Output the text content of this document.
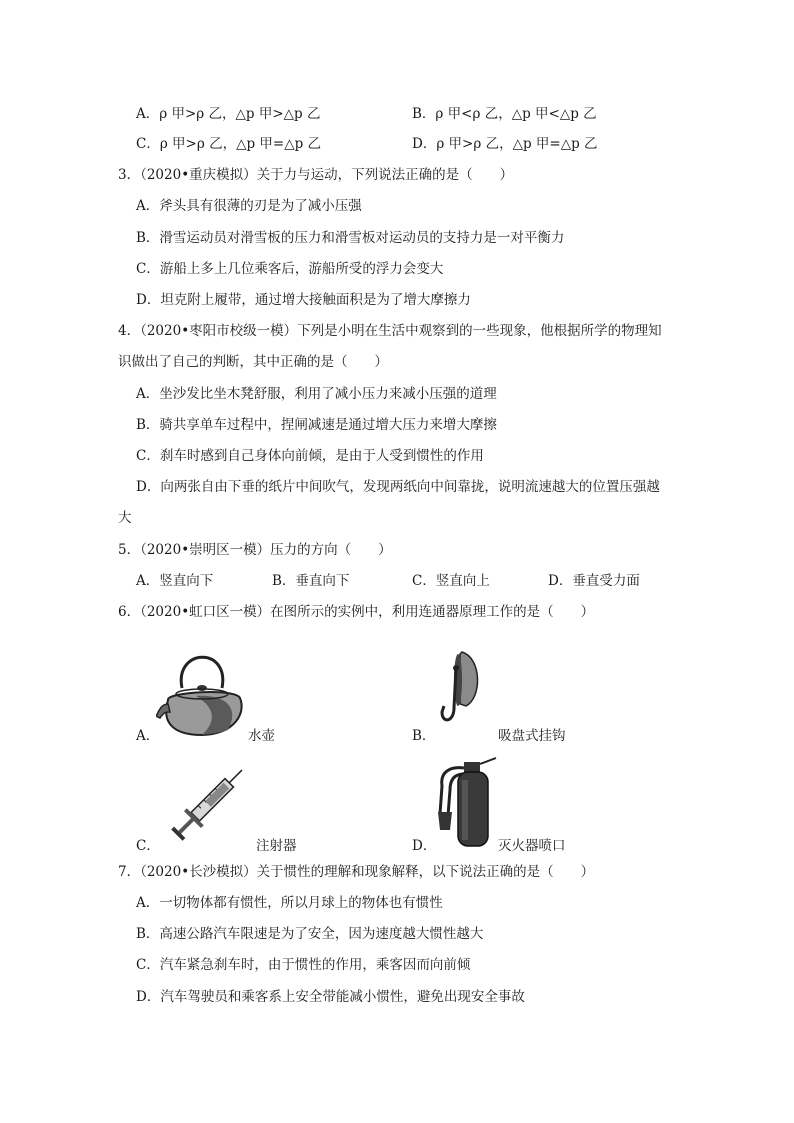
A．ρ 甲>ρ 乙，△p 甲>△p 乙	B．ρ 甲<ρ 乙，△p 甲<△p 乙
C．ρ 甲>ρ 乙，△p 甲=△p 乙	D．ρ 甲>ρ 乙，△p 甲=△p 乙
3．（2020•重庆模拟）关于力与运动，下列说法正确的是（　　）
A．斧头具有很薄的刃是为了减小压强
B．滑雪运动员对滑雪板的压力和滑雪板对运动员的支持力是一对平衡力
C．游船上多上几位乘客后，游船所受的浮力会变大
D．坦克附上履带，通过增大接触面积是为了增大摩擦力
4．（2020•枣阳市校级一模）下列是小明在生活中观察到的一些现象，他根据所学的物理知
识做出了自己的判断，其中正确的是（　　）
A．坐沙发比坐木凳舒服，利用了减小压力来减小压强的道理
B．骑共享单车过程中，捏闸减速是通过增大压力来增大摩擦
C．刹车时感到自己身体向前倾，是由于人受到惯性的作用
D．向两张自由下垂的纸片中间吹气，发现两纸向中间靠拢，说明流速越大的位置压强越
大
5．（2020•崇明区一模）压力的方向（　　）
A．竖直向下	B．垂直向下	C．竖直向上	D．垂直受力面
6．（2020•虹口区一模）在图所示的实例中，利用连通器原理工作的是（　　）
A．	水壶	B．	吸盘式挂钩
C．	注射器	D．	灭火器喷口
7．（2020•长沙模拟）关于惯性的理解和现象解释，以下说法正确的是（　　）
A．一切物体都有惯性，所以月球上的物体也有惯性
B．高速公路汽车限速是为了安全，因为速度越大惯性越大
C．汽车紧急刹车时，由于惯性的作用，乘客因而向前倾
D．汽车驾驶员和乘客系上安全带能减小惯性，避免出现安全事故
